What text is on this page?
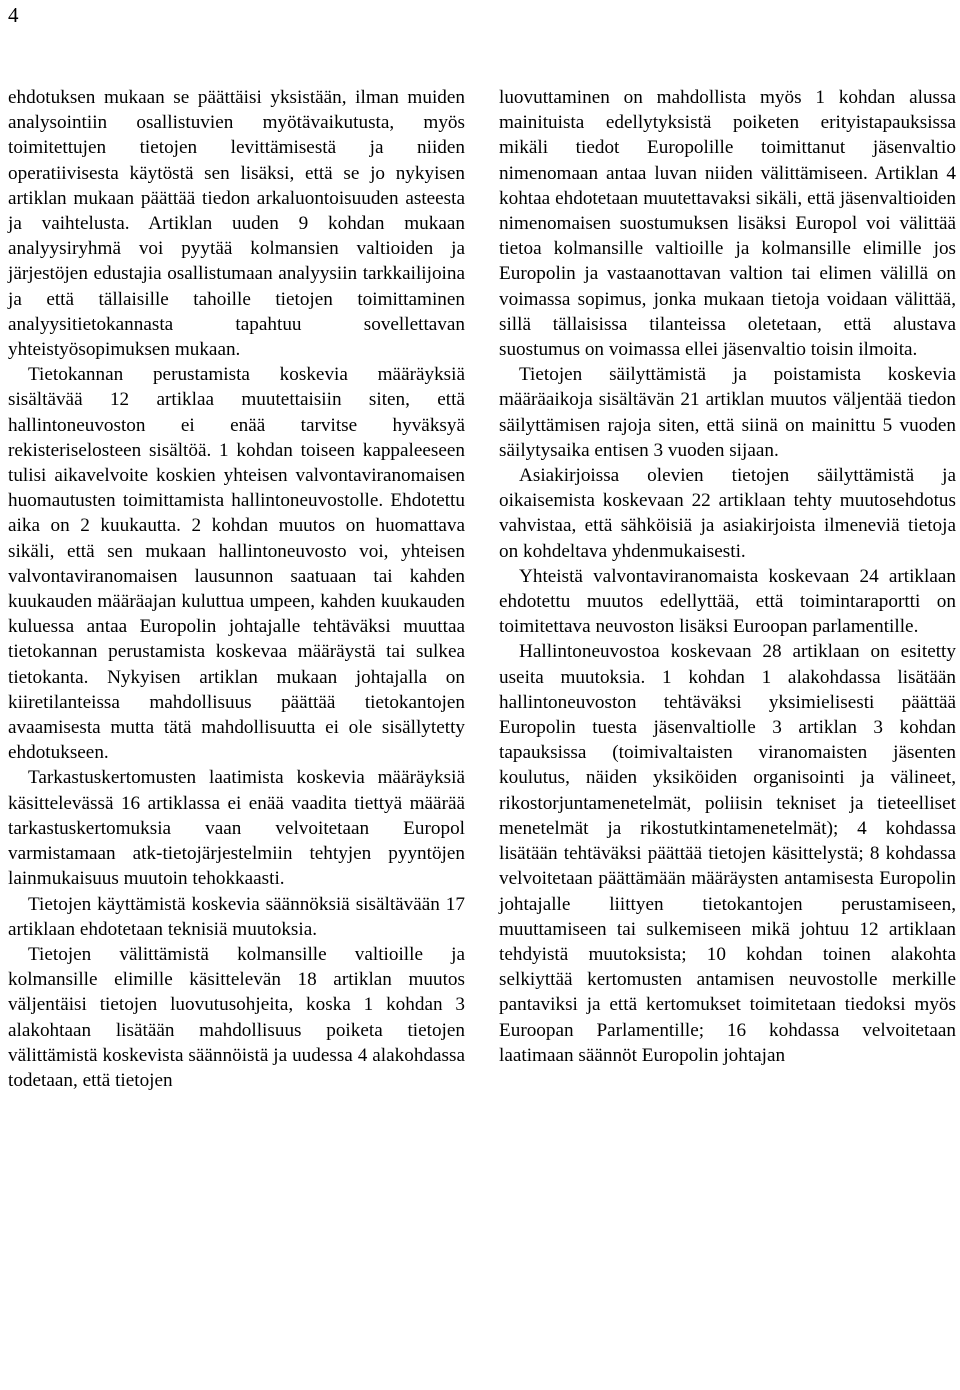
4

ehdotuksen mukaan se päättäisi yksistään, ilman muiden analysointiin osallistuvien myötävaikutusta, myös toimitettujen tietojen levittämisestä ja niiden operatiivisesta käytöstä sen lisäksi, että se jo nykyisen artiklan mukaan päättää tiedon arkaluontoisuuden asteesta ja vaihtelusta. Artiklan uuden 9 kohdan mukaan analyysiryhmä voi pyytää kolmansien valtioiden ja järjestöjen edustajia osallistumaan analyysiin tarkkailijoina ja että tällaisille tahoille tietojen toimittaminen analyysitietokannasta tapahtuu sovellettavan yhteistyösopimuksen mukaan.

Tietokannan perustamista koskevia määräyksiä sisältävää 12 artiklaa muutettaisiin siten, että hallintoneuvoston ei enää tarvitse hyväksyä rekisteriselosteen sisältöä. 1 kohdan toiseen kappaleeseen tulisi aikavelvoite koskien yhteisen valvontaviranomaisen huomautusten toimittamista hallintoneuvostolle. Ehdotettu aika on 2 kuukautta. 2 kohdan muutos on huomattava sikäli, että sen mukaan hallintoneuvosto voi, yhteisen valvontaviranomaisen lausunnon saatuaan tai kahden kuukauden määräajan kuluttua umpeen, kahden kuukauden kuluessa antaa Europolin johtajalle tehtäväksi muuttaa tietokannan perustamista koskevaa määräystä tai sulkea tietokanta. Nykyisen artiklan mukaan johtajalla on kiiretilanteissa mahdollisuus päättää tietokantojen avaamisesta mutta tätä mahdollisuutta ei ole sisällytetty ehdotukseen.

Tarkastuskertomusten laatimista koskevia määräyksiä käsittelevässä 16 artiklassa ei enää vaadita tiettyä määrää tarkastuskertomuksia vaan velvoitetaan Europol varmistamaan atk-tietojärjestelmiin tehtyjen pyyntöjen lainmukaisuus muutoin tehokkaasti.

Tietojen käyttämistä koskevia säännöksiä sisältävään 17 artiklaan ehdotetaan teknisiä muutoksia.

Tietojen välittämistä kolmansille valtioille ja kolmansille elimille käsittelevän 18 artiklan muutos väljentäisi tietojen luovutusohjeita, koska 1 kohdan 3 alakohtaan lisätään mahdollisuus poiketa tietojen välittämistä koskevista säännöistä ja uudessa 4 alakohdassa todetaan, että tietojen

luovuttaminen on mahdollista myös 1 kohdan alussa mainituista edellytyksistä poiketen erityistapauksissa mikäli tiedot Europolille toimittanut jäsenvaltio nimenomaan antaa luvan niiden välittämiseen. Artiklan 4 kohtaa ehdotetaan muutettavaksi sikäli, että jäsenvaltioiden nimenomaisen suostumuksen lisäksi Europol voi välittää tietoa kolmansille valtioille ja kolmansille elimille jos Europolin ja vastaanottavan valtion tai elimen välillä on voimassa sopimus, jonka mukaan tietoja voidaan välittää, sillä tällaisissa tilanteissa oletetaan, että alustava suostumus on voimassa ellei jäsenvaltio toisin ilmoita.

Tietojen säilyttämistä ja poistamista koskevia määräaikoja sisältävän 21 artiklan muutos väljentää tiedon säilyttämisen rajoja siten, että siinä on mainittu 5 vuoden säilytysaika entisen 3 vuoden sijaan.

Asiakirjoissa olevien tietojen säilyttämistä ja oikaisemista koskevaan 22 artiklaan tehty muutosehdotus vahvistaa, että sähköisiä ja asiakirjoista ilmeneviä tietoja on kohdeltava yhdenmukaisesti.

Yhteistä valvontaviranomaista koskevaan 24 artiklaan ehdotettu muutos edellyttää, että toimintaraportti on toimitettava neuvoston lisäksi Euroopan parlamentille.

Hallintoneuvostoa koskevaan 28 artiklaan on esitetty useita muutoksia. 1 kohdan 1 alakohdassa lisätään hallintoneuvoston tehtäväksi yksimielisesti päättää Europolin tuesta jäsenvaltiolle 3 artiklan 3 kohdan tapauksissa (toimivaltaisten viranomaisten jäsenten koulutus, näiden yksiköiden organisointi ja välineet, rikostorjuntamenetelmät, poliisin tekniset ja tieteelliset menetelmät ja rikostutkintamenetelmät); 4 kohdassa lisätään tehtäväksi päättää tietojen käsittelystä; 8 kohdassa velvoitetaan päättämään määräysten antamisesta Europolin johtajalle liittyen tietokantojen perustamiseen, muuttamiseen tai sulkemiseen mikä johtuu 12 artiklaan tehdyistä muutoksista; 10 kohdan toinen alakohta selkiyttää kertomusten antamisen neuvostolle merkille pantaviksi ja että kertomukset toimitetaan tiedoksi myös Euroopan Parlamentille; 16 kohdassa velvoitetaan laatimaan säännöt Europolin johtajan
